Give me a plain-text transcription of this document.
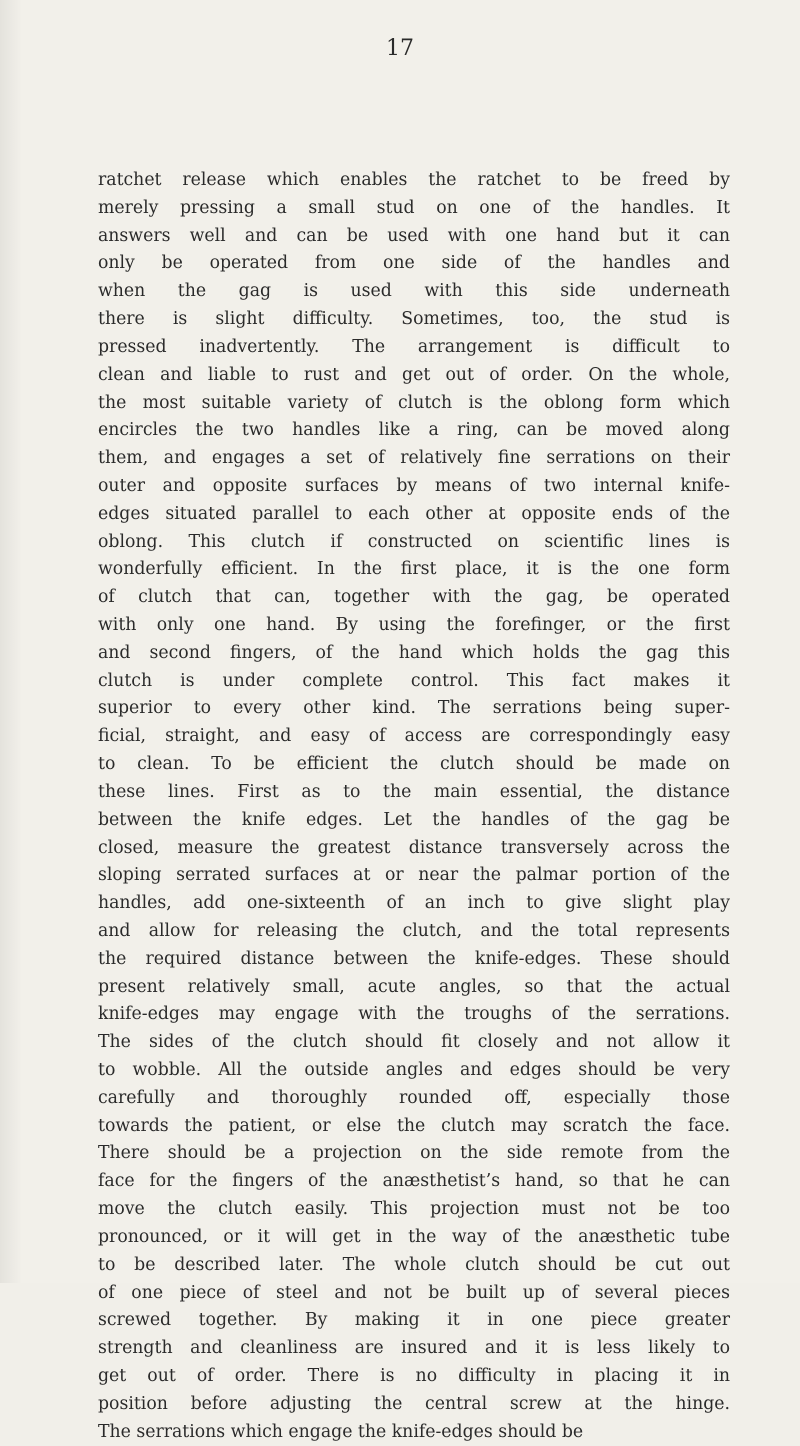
17
ratchet release which enables the ratchet to be freed by
merely pressing a small stud on one of the handles. It
answers well and can be used with one hand but it can
only be operated from one side of the handles and
when the gag is used with this side underneath
there is slight difficulty. Sometimes, too, the stud is
pressed inadvertently. The arrangement is difficult to
clean and liable to rust and get out of order. On the whole,
the most suitable variety of clutch is the oblong form which
encircles the two handles like a ring, can be moved along
them, and engages a set of relatively fine serrations on their
outer and opposite surfaces by means of two internal knife-
edges situated parallel to each other at opposite ends of the
oblong. This clutch if constructed on scientific lines is
wonderfully efficient. In the first place, it is the one form
of clutch that can, together with the gag, be operated
with only one hand. By using the forefinger, or the first
and second fingers, of the hand which holds the gag this
clutch is under complete control. This fact makes it
superior to every other kind. The serrations being super-
ficial, straight, and easy of access are correspondingly easy
to clean. To be efficient the clutch should be made on
these lines. First as to the main essential, the distance
between the knife edges. Let the handles of the gag be
closed, measure the greatest distance transversely across the
sloping serrated surfaces at or near the palmar portion of the
handles, add one-sixteenth of an inch to give slight play
and allow for releasing the clutch, and the total represents
the required distance between the knife-edges. These should
present relatively small, acute angles, so that the actual
knife-edges may engage with the troughs of the serrations.
The sides of the clutch should fit closely and not allow it
to wobble. All the outside angles and edges should be very
carefully and thoroughly rounded off, especially those
towards the patient, or else the clutch may scratch the face.
There should be a projection on the side remote from the
face for the fingers of the anæsthetist’s hand, so that he can
move the clutch easily. This projection must not be too
pronounced, or it will get in the way of the anæsthetic tube
to be described later. The whole clutch should be cut out
of one piece of steel and not be built up of several pieces
screwed together. By making it in one piece greater
strength and cleanliness are insured and it is less likely to
get out of order. There is no difficulty in placing it in
position before adjusting the central screw at the hinge.
The serrations which engage the knife-edges should be
